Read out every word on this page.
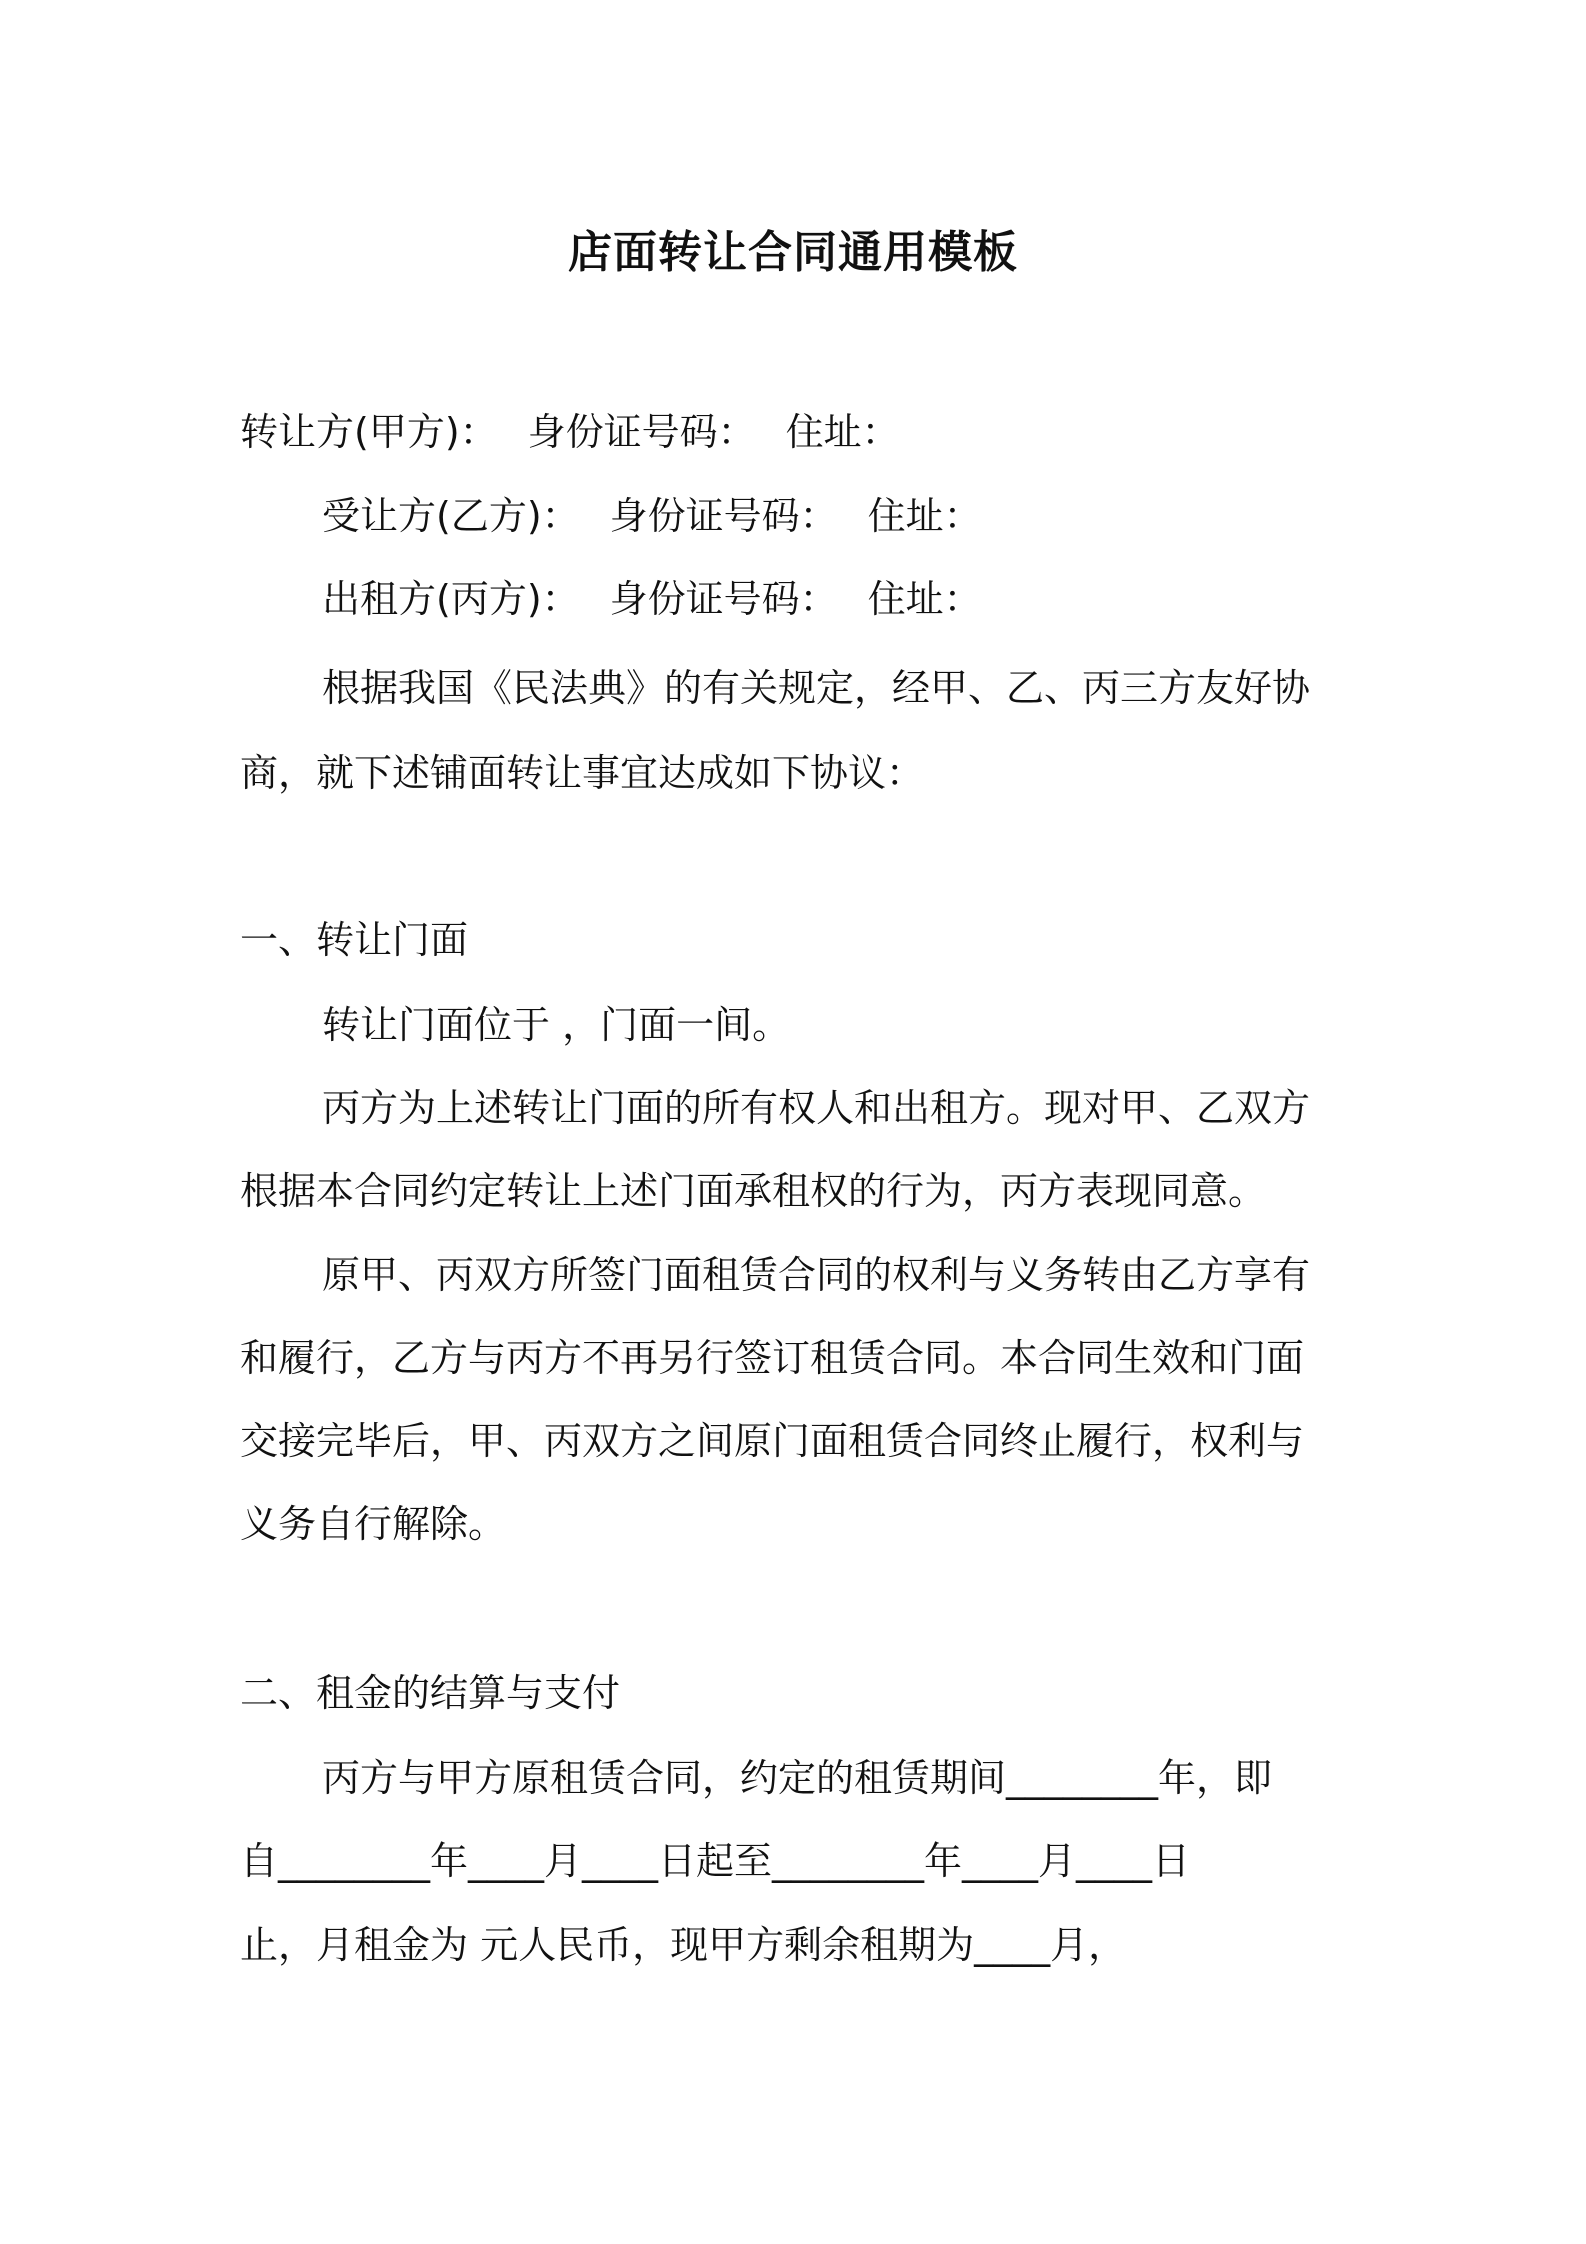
店面转让合同通用模板
转让方(甲方)： 身份证号码： 住址：
受让方(乙方)： 身份证号码： 住址：
出租方(丙方)： 身份证号码： 住址：
根据我国《民法典》的有关规定，经甲、乙、丙三方友好协
商，就下述铺面转让事宜达成如下协议：
一、转让门面
转让门面位于 ，门面一间。
丙方为上述转让门面的所有权人和出租方。现对甲、乙双方
根据本合同约定转让上述门面承租权的行为，丙方表现同意。
原甲、丙双方所签门面租赁合同的权利与义务转由乙方享有
和履行，乙方与丙方不再另行签订租赁合同。本合同生效和门面
交接完毕后，甲、丙双方之间原门面租赁合同终止履行，权利与
义务自行解除。
二、租金的结算与支付
丙方与甲方原租赁合同，约定的租赁期间________年，即
自________年____月____日起至________年____月____日
止，月租金为 元人民币，现甲方剩余租期为____月，
